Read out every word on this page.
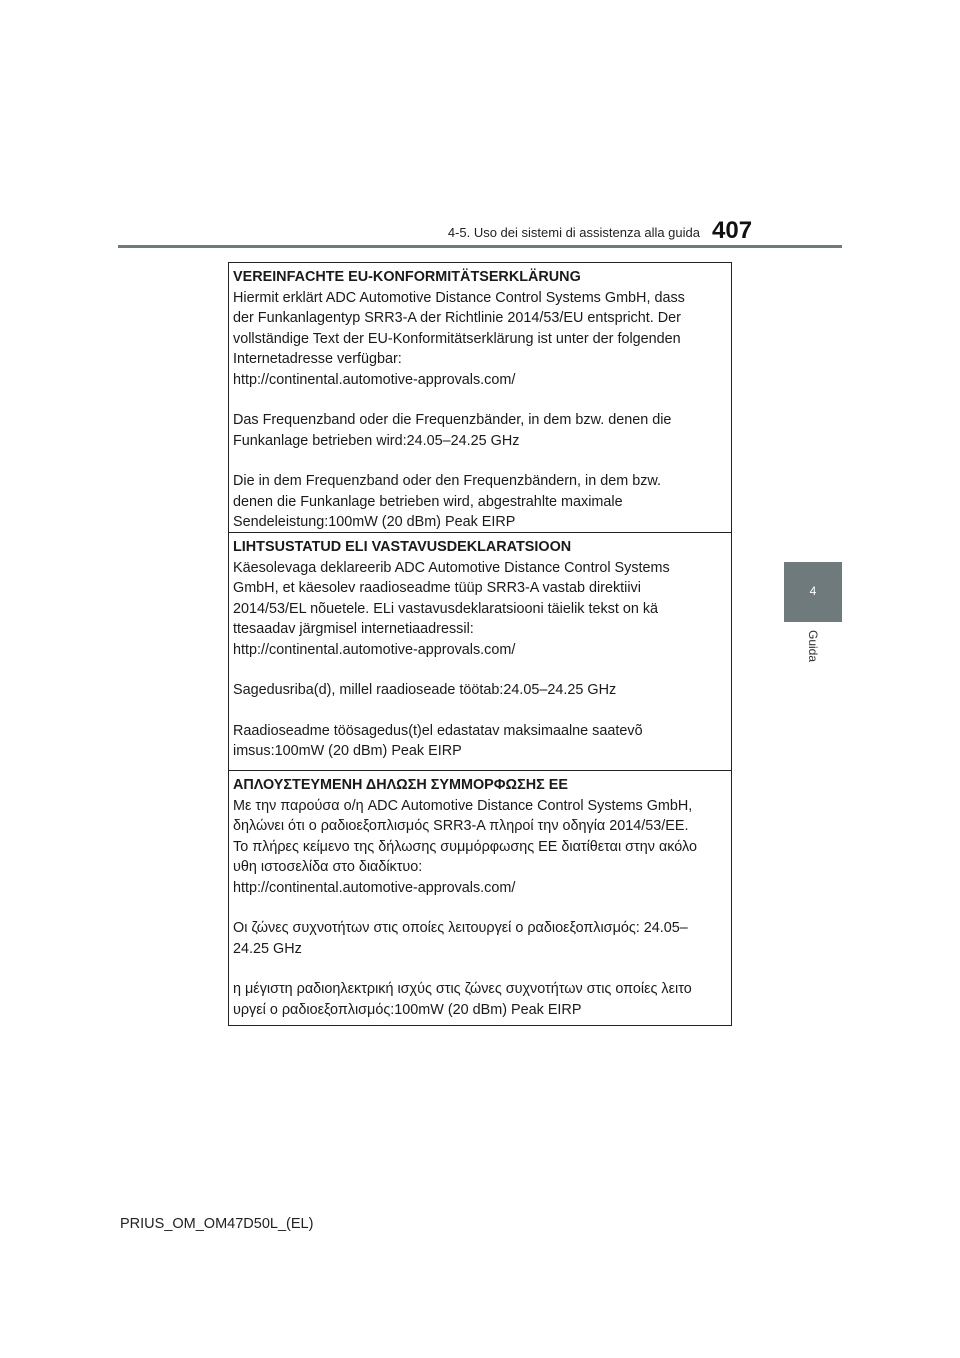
4-5. Uso dei sistemi di assistenza alla guida 407
4
Guida

VEREINFACHTE EU-KONFORMITÄTSERKLÄRUNG

Hiermit erklärt ADC Automotive Distance Control Systems GmbH, dass
der Funkanlagentyp SRR3-A der Richtlinie 2014/53/EU entspricht. Der
vollständige Text der EU-Konformitätserklärung ist unter der folgenden
Internetadresse verfügbar:
http://continental.automotive-approvals.com/

Das Frequenzband oder die Frequenzbänder, in dem bzw. denen die
Funkanlage betrieben wird:24.05–24.25 GHz

Die in dem Frequenzband oder den Frequenzbändern, in dem bzw.
denen die Funkanlage betrieben wird, abgestrahlte maximale
Sendeleistung:100mW (20 dBm) Peak EIRP

LIHTSUSTATUD ELI VASTAVUSDEKLARATSIOON

Käesolevaga deklareerib ADC Automotive Distance Control Systems
GmbH, et käesolev raadioseadme tüüp SRR3-A vastab direktiivi
2014/53/EL nõuetele. ELi vastavusdeklaratsiooni täielik tekst on kä
ttesaadav järgmisel internetiaadressil:
http://continental.automotive-approvals.com/

Sagedusriba(d), millel raadioseade töötab:24.05–24.25 GHz

Raadioseadme töösagedus(t)el edastatav maksimaalne saatevõ
imsus:100mW (20 dBm) Peak EIRP

ΑΠΛΟΥΣΤΕΥΜΕΝΗ ΔΗΛΩΣΗ ΣΥΜΜΟΡΦΩΣΗΣ ΕΕ

Με την παρούσα ο/η ADC Automotive Distance Control Systems GmbH,
δηλώνει ότι ο ραδιοεξοπλισμός SRR3-A πληροί την οδηγία 2014/53/ΕΕ.
Το πλήρες κείμενο της δήλωσης συμμόρφωσης ΕΕ διατίθεται στην ακόλο
υθη ιστοσελίδα στο διαδίκτυο:
http://continental.automotive-approvals.com/

Οι ζώνες συχνοτήτων στις οποίες λειτουργεί ο ραδιοεξοπλισμός: 24.05–
24.25 GHz

η μέγιστη ραδιοηλεκτρική ισχύς στις ζώνες συχνοτήτων στις οποίες λειτο
υργεί ο ραδιοεξοπλισμός:100mW (20 dBm) Peak EIRP

PRIUS_OM_OM47D50L_(EL)
